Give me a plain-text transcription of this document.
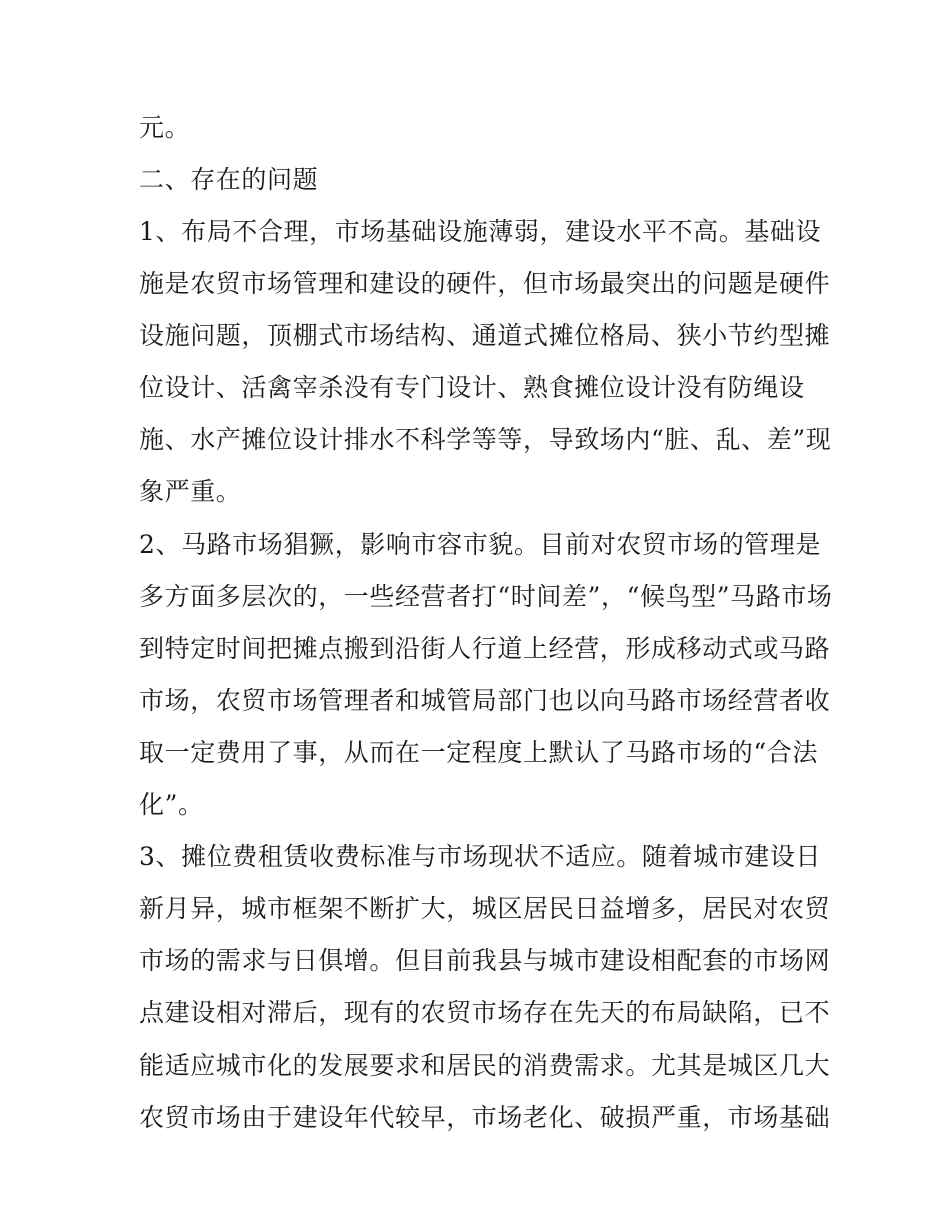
元。
二、存在的问题
1、布局不合理，市场基础设施薄弱，建设水平不高。基础设
施是农贸市场管理和建设的硬件，但市场最突出的问题是硬件
设施问题，顶棚式市场结构、通道式摊位格局、狭小节约型摊
位设计、活禽宰杀没有专门设计、熟食摊位设计没有防绳设
施、水产摊位设计排水不科学等等，导致场内“脏、乱、差”现
象严重。
2、马路市场猖獗，影响市容市貌。目前对农贸市场的管理是
多方面多层次的，一些经营者打“时间差”，“候鸟型”马路市场
到特定时间把摊点搬到沿街人行道上经营，形成移动式或马路
市场，农贸市场管理者和城管局部门也以向马路市场经营者收
取一定费用了事，从而在一定程度上默认了马路市场的“合法
化”。
3、摊位费租赁收费标准与市场现状不适应。随着城市建设日
新月异，城市框架不断扩大，城区居民日益增多，居民对农贸
市场的需求与日俱增。但目前我县与城市建设相配套的市场网
点建设相对滞后，现有的农贸市场存在先天的布局缺陷，已不
能适应城市化的发展要求和居民的消费需求。尤其是城区几大
农贸市场由于建设年代较早，市场老化、破损严重，市场基础
